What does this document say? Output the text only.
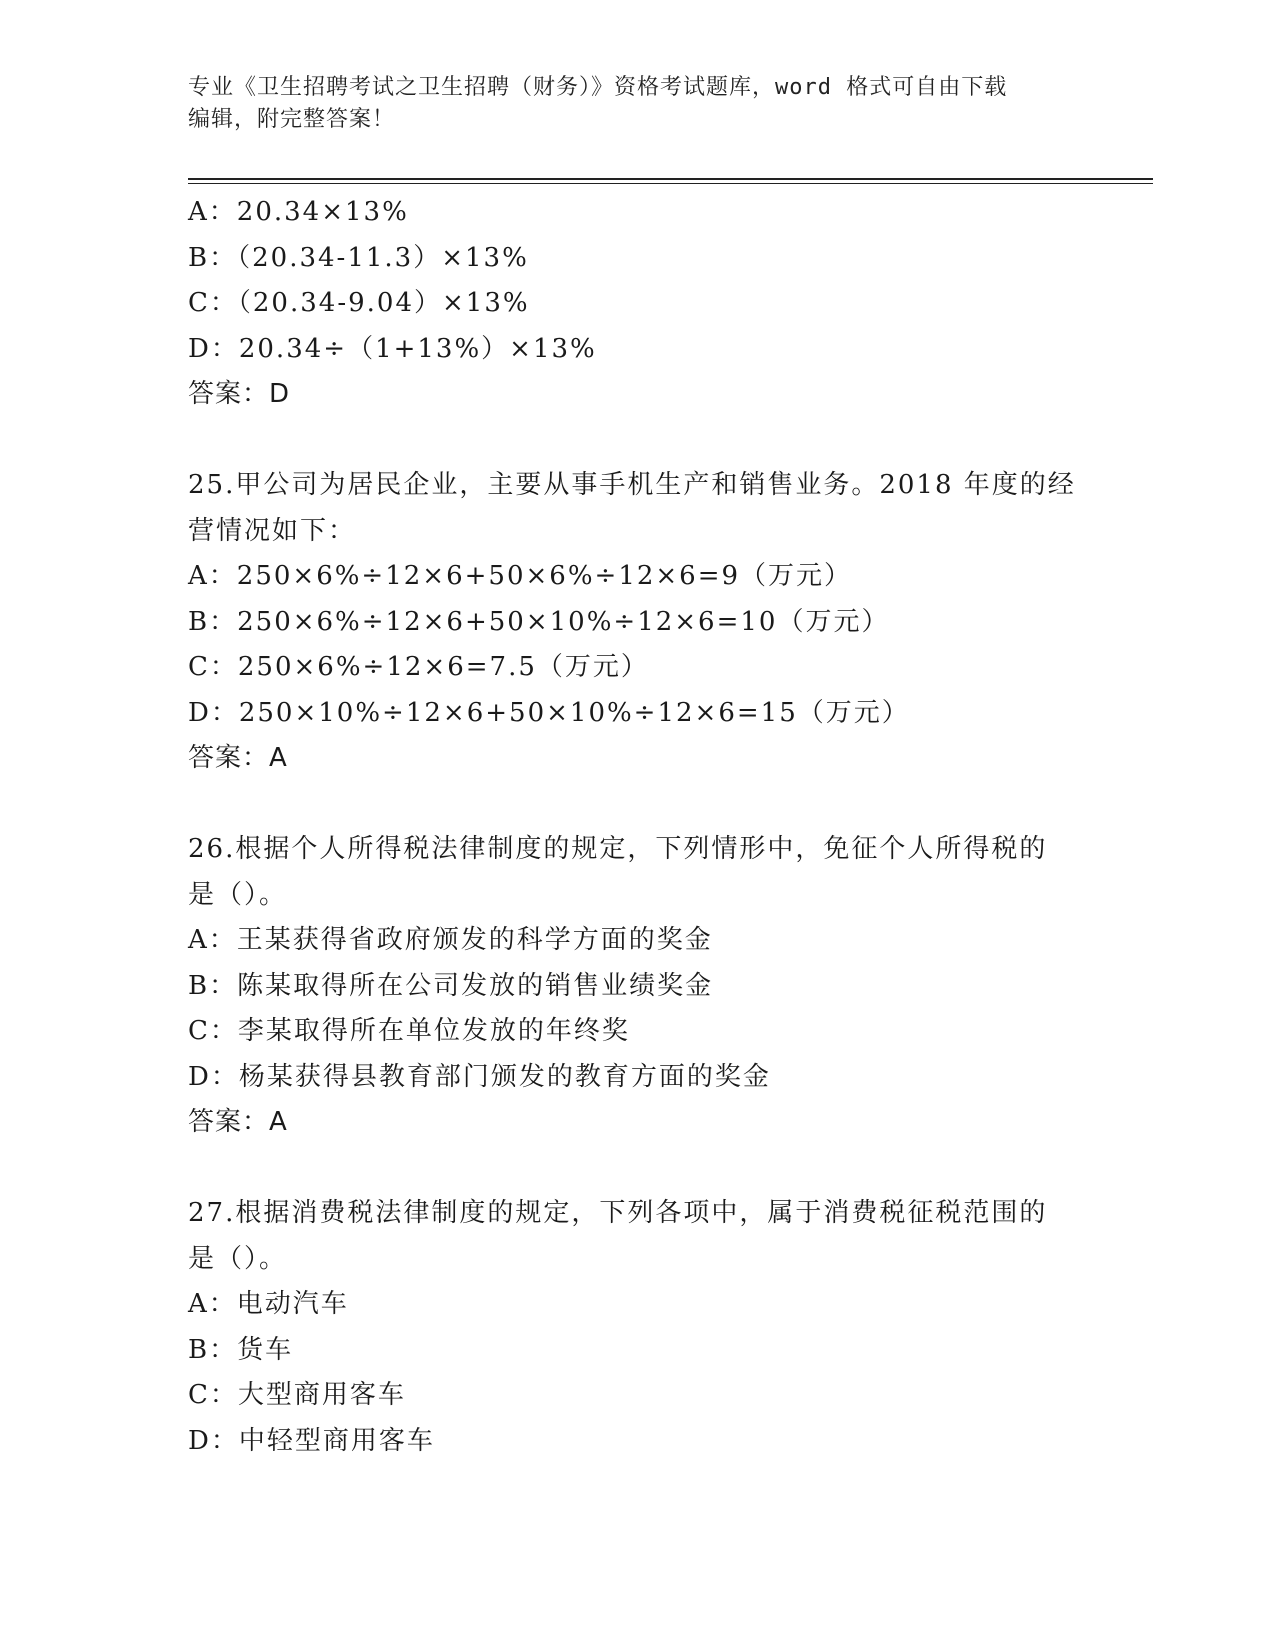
专业《卫生招聘考试之卫生招聘（财务）》资格考试题库，word 格式可自由下载
编辑，附完整答案！
A：20.34×13%
B：（20.34-11.3）×13%
C：（20.34-9.04）×13%
D：20.34÷（1+13%）×13%
答案：D
25.甲公司为居民企业，主要从事手机生产和销售业务。2018 年度的经
营情况如下：
A：250×6%÷12×6+50×6%÷12×6=9（万元）
B：250×6%÷12×6+50×10%÷12×6=10（万元）
C：250×6%÷12×6=7.5（万元）
D：250×10%÷12×6+50×10%÷12×6=15（万元）
答案：A
26.根据个人所得税法律制度的规定，下列情形中，免征个人所得税的
是（）。
A：王某获得省政府颁发的科学方面的奖金
B：陈某取得所在公司发放的销售业绩奖金
C：李某取得所在单位发放的年终奖
D：杨某获得县教育部门颁发的教育方面的奖金
答案：A
27.根据消费税法律制度的规定，下列各项中，属于消费税征税范围的
是（）。
A：电动汽车
B：货车
C：大型商用客车
D：中轻型商用客车
